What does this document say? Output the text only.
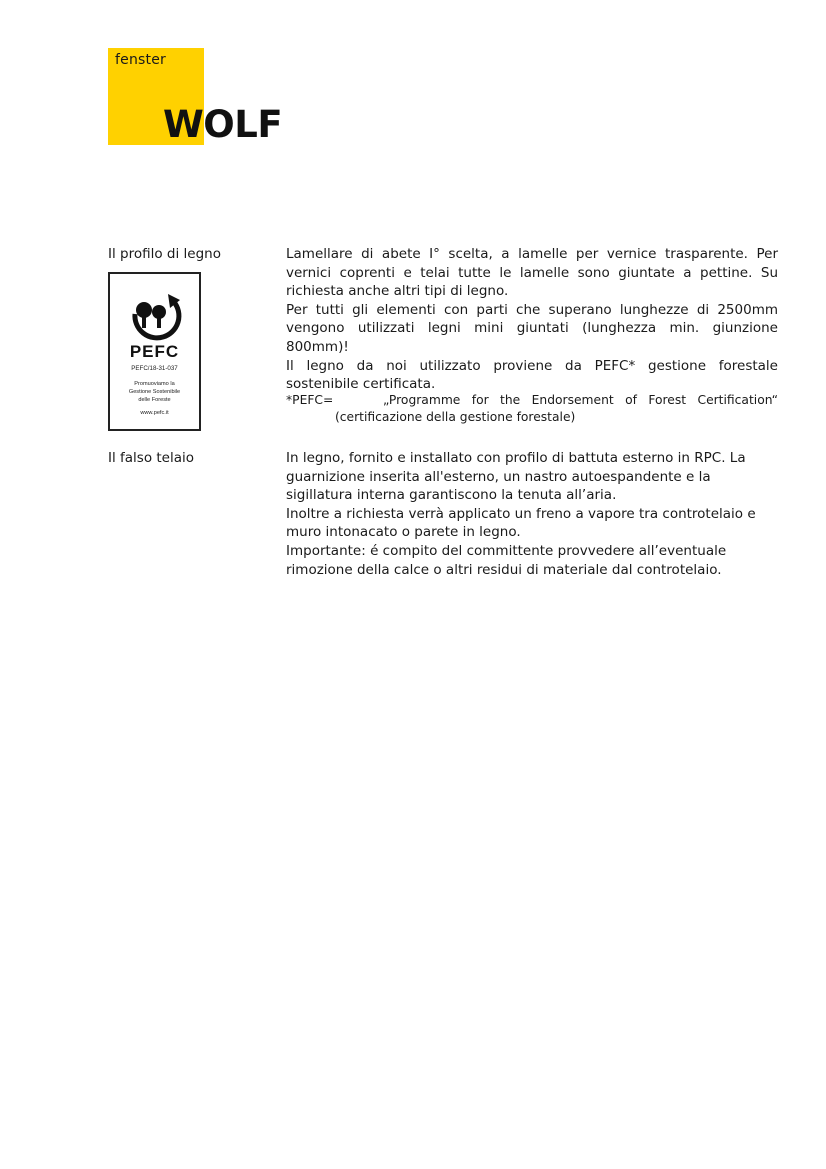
fenster
WOLF
Il profilo di legno	Lamellare di abete I° scelta, a lamelle per vernice trasparente. Per vernici coprenti e telai tutte le lamelle sono giuntate a pettine. Su richiesta anche altri tipi di legno.

Per tutti gli elementi con parti che superano lunghezze di 2500mm vengono utilizzati legni mini giuntati (lunghezza min. giunzione 800mm)!

Il legno da noi utilizzato proviene da PEFC* gestione forestale sostenibile certificata.

*PEFC=	„Programme for the Endorsement of Forest Certification“
(certificazione della gestione forestale)
PEFC
PEFC/18-31-037
Promuoviamo la
Gestione Sostenibile
delle Foreste
www.pefc.it
Il falso telaio	In legno, fornito e installato con profilo di battuta esterno in RPC. La guarnizione inserita all'esterno, un nastro autoespandente e la sigillatura interna garantiscono la tenuta all’aria.

Inoltre a richiesta verrà applicato un freno a vapore tra controtelaio e muro intonacato o parete in legno.

Importante: é compito del committente provvedere all’eventuale rimozione della calce o altri residui di materiale dal controtelaio.
